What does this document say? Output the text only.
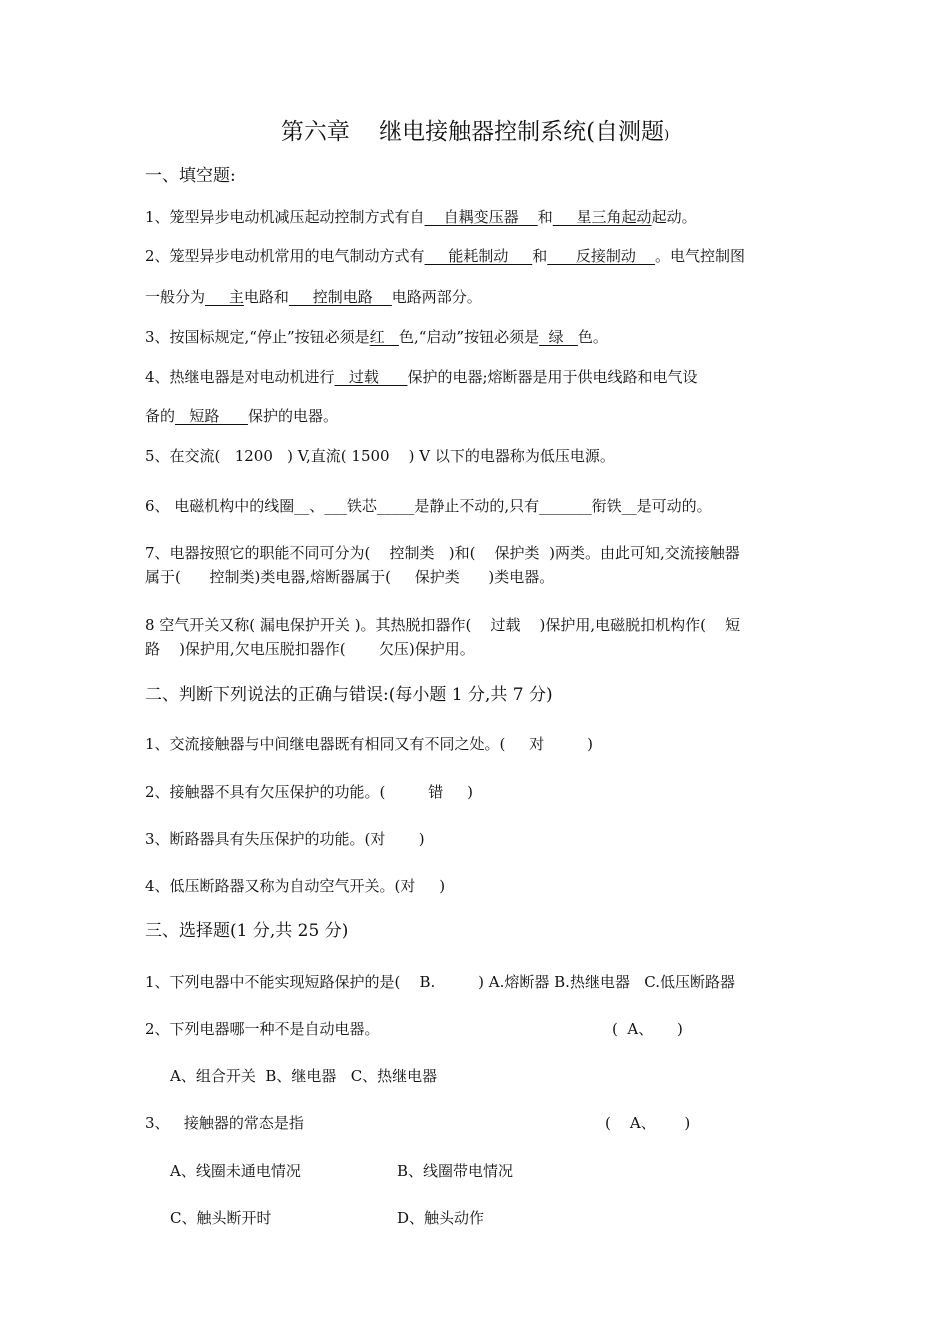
第六章    继电接触器控制系统(自测题)
一、填空题:
1、笼型异步电动机减压起动控制方式有自    自耦变压器    和     星三角起动起动。
2、笼型异步电动机常用的电气制动方式有     能耗制动     和      反接制动    。电气控制图
一般分为     主电路和     控制电路    电路两部分。
3、按国标规定,“停止”按钮必须是红   色,“启动”按钮必须是  绿   色。
4、热继电器是对电动机进行   过载      保护的电器;熔断器是用于供电线路和电气设
备的   短路      保护的电器。
5、在交流(   1200   ) V,直流( 1500    ) V 以下的电器称为低压电源。
6、 电磁机构中的线圈__、___铁芯_____是静止不动的,只有_______衔铁__是可动的。
7、电器按照它的职能不同可分为(    控制类   )和(    保护类  )两类。由此可知,交流接触器
属于(      控制类)类电器,熔断器属于(     保护类      )类电器。
8 空气开关又称( 漏电保护开关 )。其热脱扣器作(    过载    )保护用,电磁脱扣机构作(    短
路    )保护用,欠电压脱扣器作(       欠压)保护用。
二、判断下列说法的正确与错误:(每小题 1 分,共 7 分)
1、交流接触器与中间继电器既有相同又有不同之处。(     对         )
2、接触器不具有欠压保护的功能。(         错     )
3、断路器具有失压保护的功能。(对       )
4、低压断路器又称为自动空气开关。(对     )
三、选择题(1 分,共 25 分)
1、下列电器中不能实现短路保护的是(    B.         ) A.熔断器 B.热继电器   C.低压断路器
2、下列电器哪一种不是自动电器。	(  A、     )
A、组合开关  B、继电器   C、热继电器
3、   接触器的常态是指	(    A、      )
A、线圈未通电情况	B、线圈带电情况
C、触头断开时	D、触头动作
